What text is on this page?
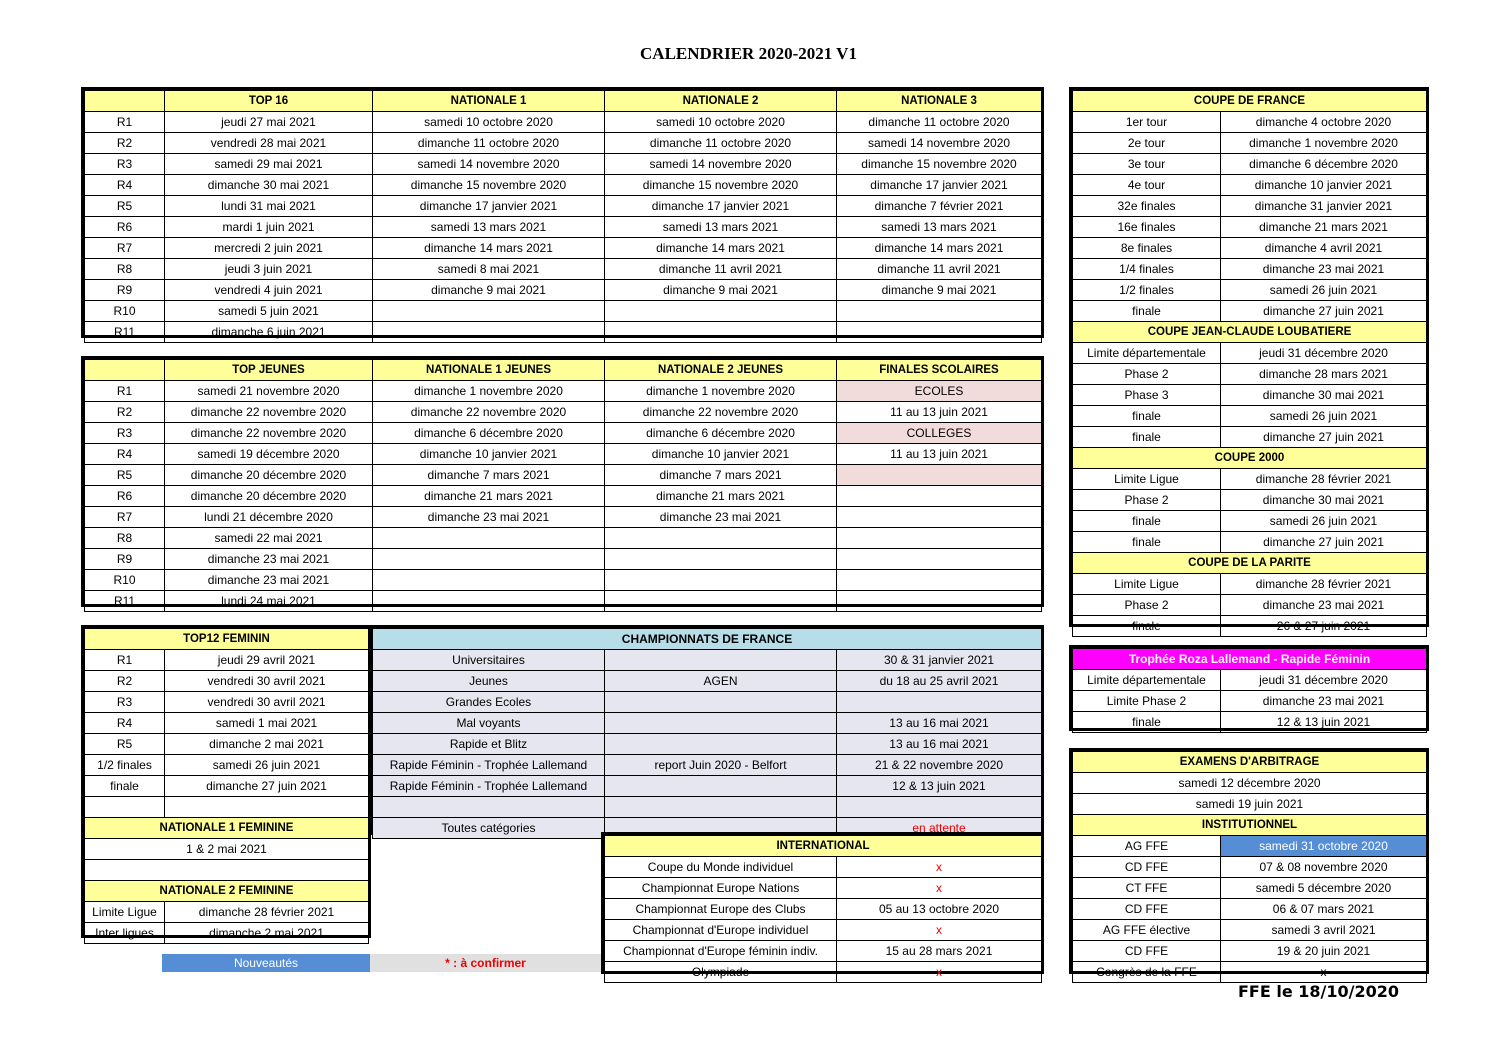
CALENDRIER 2020-2021 V1
	TOP 16	NATIONALE 1	NATIONALE 2	NATIONALE 3
R1	jeudi 27 mai 2021	samedi 10 octobre 2020	samedi 10 octobre 2020	dimanche 11 octobre 2020
R2	vendredi 28 mai 2021	dimanche 11 octobre 2020	dimanche 11 octobre 2020	samedi 14 novembre 2020
R3	samedi 29 mai 2021	samedi 14 novembre 2020	samedi 14 novembre 2020	dimanche 15 novembre 2020
R4	dimanche 30 mai 2021	dimanche 15 novembre 2020	dimanche 15 novembre 2020	dimanche 17 janvier 2021
R5	lundi 31 mai 2021	dimanche 17 janvier 2021	dimanche 17 janvier 2021	dimanche 7 février 2021
R6	mardi 1 juin 2021	samedi 13 mars 2021	samedi 13 mars 2021	samedi 13 mars 2021
R7	mercredi 2 juin 2021	dimanche 14 mars 2021	dimanche 14 mars 2021	dimanche 14 mars 2021
R8	jeudi 3 juin 2021	samedi 8 mai 2021	dimanche 11 avril 2021	dimanche 11 avril 2021
R9	vendredi 4 juin 2021	dimanche 9 mai 2021	dimanche 9 mai 2021	dimanche 9 mai 2021
R10	samedi 5 juin 2021			
R11	dimanche 6 juin 2021			
	TOP JEUNES	NATIONALE 1 JEUNES	NATIONALE 2 JEUNES	FINALES SCOLAIRES
R1	samedi 21 novembre 2020	dimanche 1 novembre 2020	dimanche 1 novembre 2020	ECOLES
R2	dimanche 22 novembre 2020	dimanche 22 novembre 2020	dimanche 22 novembre 2020	11 au 13 juin 2021
R3	dimanche 22 novembre 2020	dimanche 6 décembre 2020	dimanche 6 décembre 2020	COLLEGES
R4	samedi 19 décembre 2020	dimanche 10 janvier 2021	dimanche 10 janvier 2021	11 au 13 juin 2021
R5	dimanche 20 décembre 2020	dimanche 7 mars 2021	dimanche 7 mars 2021	
R6	dimanche 20 décembre 2020	dimanche 21 mars 2021	dimanche 21 mars 2021	
R7	lundi 21 décembre 2020	dimanche 23 mai 2021	dimanche 23 mai 2021	
R8	samedi 22 mai 2021			
R9	dimanche 23 mai 2021			
R10	dimanche 23 mai 2021			
R11	lundi 24 mai 2021			
TOP12 FEMININ	
R1	jeudi 29 avril 2021
R2	vendredi 30 avril 2021
R3	vendredi 30 avril 2021
R4	samedi 1 mai 2021
R5	dimanche 2 mai 2021
1/2 finales	samedi 26 juin 2021
finale	dimanche 27 juin 2021

NATIONALE 1 FEMININE	
1 & 2 mai 2021	

NATIONALE 2 FEMININE	
Limite Ligue	dimanche 28 février 2021
Inter ligues	dimanche 2 mai 2021
CHAMPIONNATS DE FRANCE		
Universitaires		30 & 31 janvier 2021
Jeunes	AGEN	du 18 au 25 avril 2021
Grandes Ecoles		
Mal voyants		13 au 16 mai 2021
Rapide et Blitz		13 au 16 mai 2021
Rapide Féminin - Trophée Lallemand	report Juin 2020 - Belfort	21 & 22 novembre 2020
Rapide Féminin - Trophée Lallemand		12 & 13 juin 2021

Toutes catégories		en attente
INTERNATIONAL	
Coupe du Monde individuel	x
Championnat Europe Nations	x
Championnat Europe des Clubs	05 au 13 octobre 2020
Championnat d'Europe individuel	x
Championnat d'Europe féminin indiv.	15 au 28 mars 2021
Olympiade	x
Nouveautés	* : à confirmer
COUPE DE FRANCE	
1er tour	dimanche 4 octobre 2020
2e tour	dimanche 1 novembre 2020
3e tour	dimanche 6 décembre 2020
4e tour	dimanche 10 janvier 2021
32e finales	dimanche 31 janvier 2021
16e finales	dimanche 21 mars 2021
8e finales	dimanche 4 avril 2021
1/4 finales	dimanche 23 mai 2021
1/2 finales	samedi 26 juin 2021
finale	dimanche 27 juin 2021
COUPE JEAN-CLAUDE LOUBATIERE	
Limite départementale	jeudi 31 décembre 2020
Phase 2	dimanche 28 mars 2021
Phase 3	dimanche 30 mai 2021
finale	samedi 26 juin 2021
finale	dimanche 27 juin 2021
COUPE 2000	
Limite Ligue	dimanche 28 février 2021
Phase 2	dimanche 30 mai 2021
finale	samedi 26 juin 2021
finale	dimanche 27 juin 2021
COUPE DE LA PARITE	
Limite Ligue	dimanche 28 février 2021
Phase 2	dimanche 23 mai 2021
finale	26 & 27 juin 2021
Trophée Roza Lallemand - Rapide Féminin	
Limite départementale	jeudi 31 décembre 2020
Limite Phase 2	dimanche 23 mai 2021
finale	12 & 13 juin 2021
EXAMENS D'ARBITRAGE	
samedi 12 décembre 2020	
samedi 19 juin 2021	
INSTITUTIONNEL	
AG FFE	samedi 31 octobre 2020
CD FFE	07 & 08 novembre 2020
CT FFE	samedi 5 décembre 2020
CD FFE	06 & 07 mars 2021
AG FFE élective	samedi 3 avril 2021
CD FFE	19 & 20 juin 2021
Congrès de la FFE	x
FFE le 18/10/2020
